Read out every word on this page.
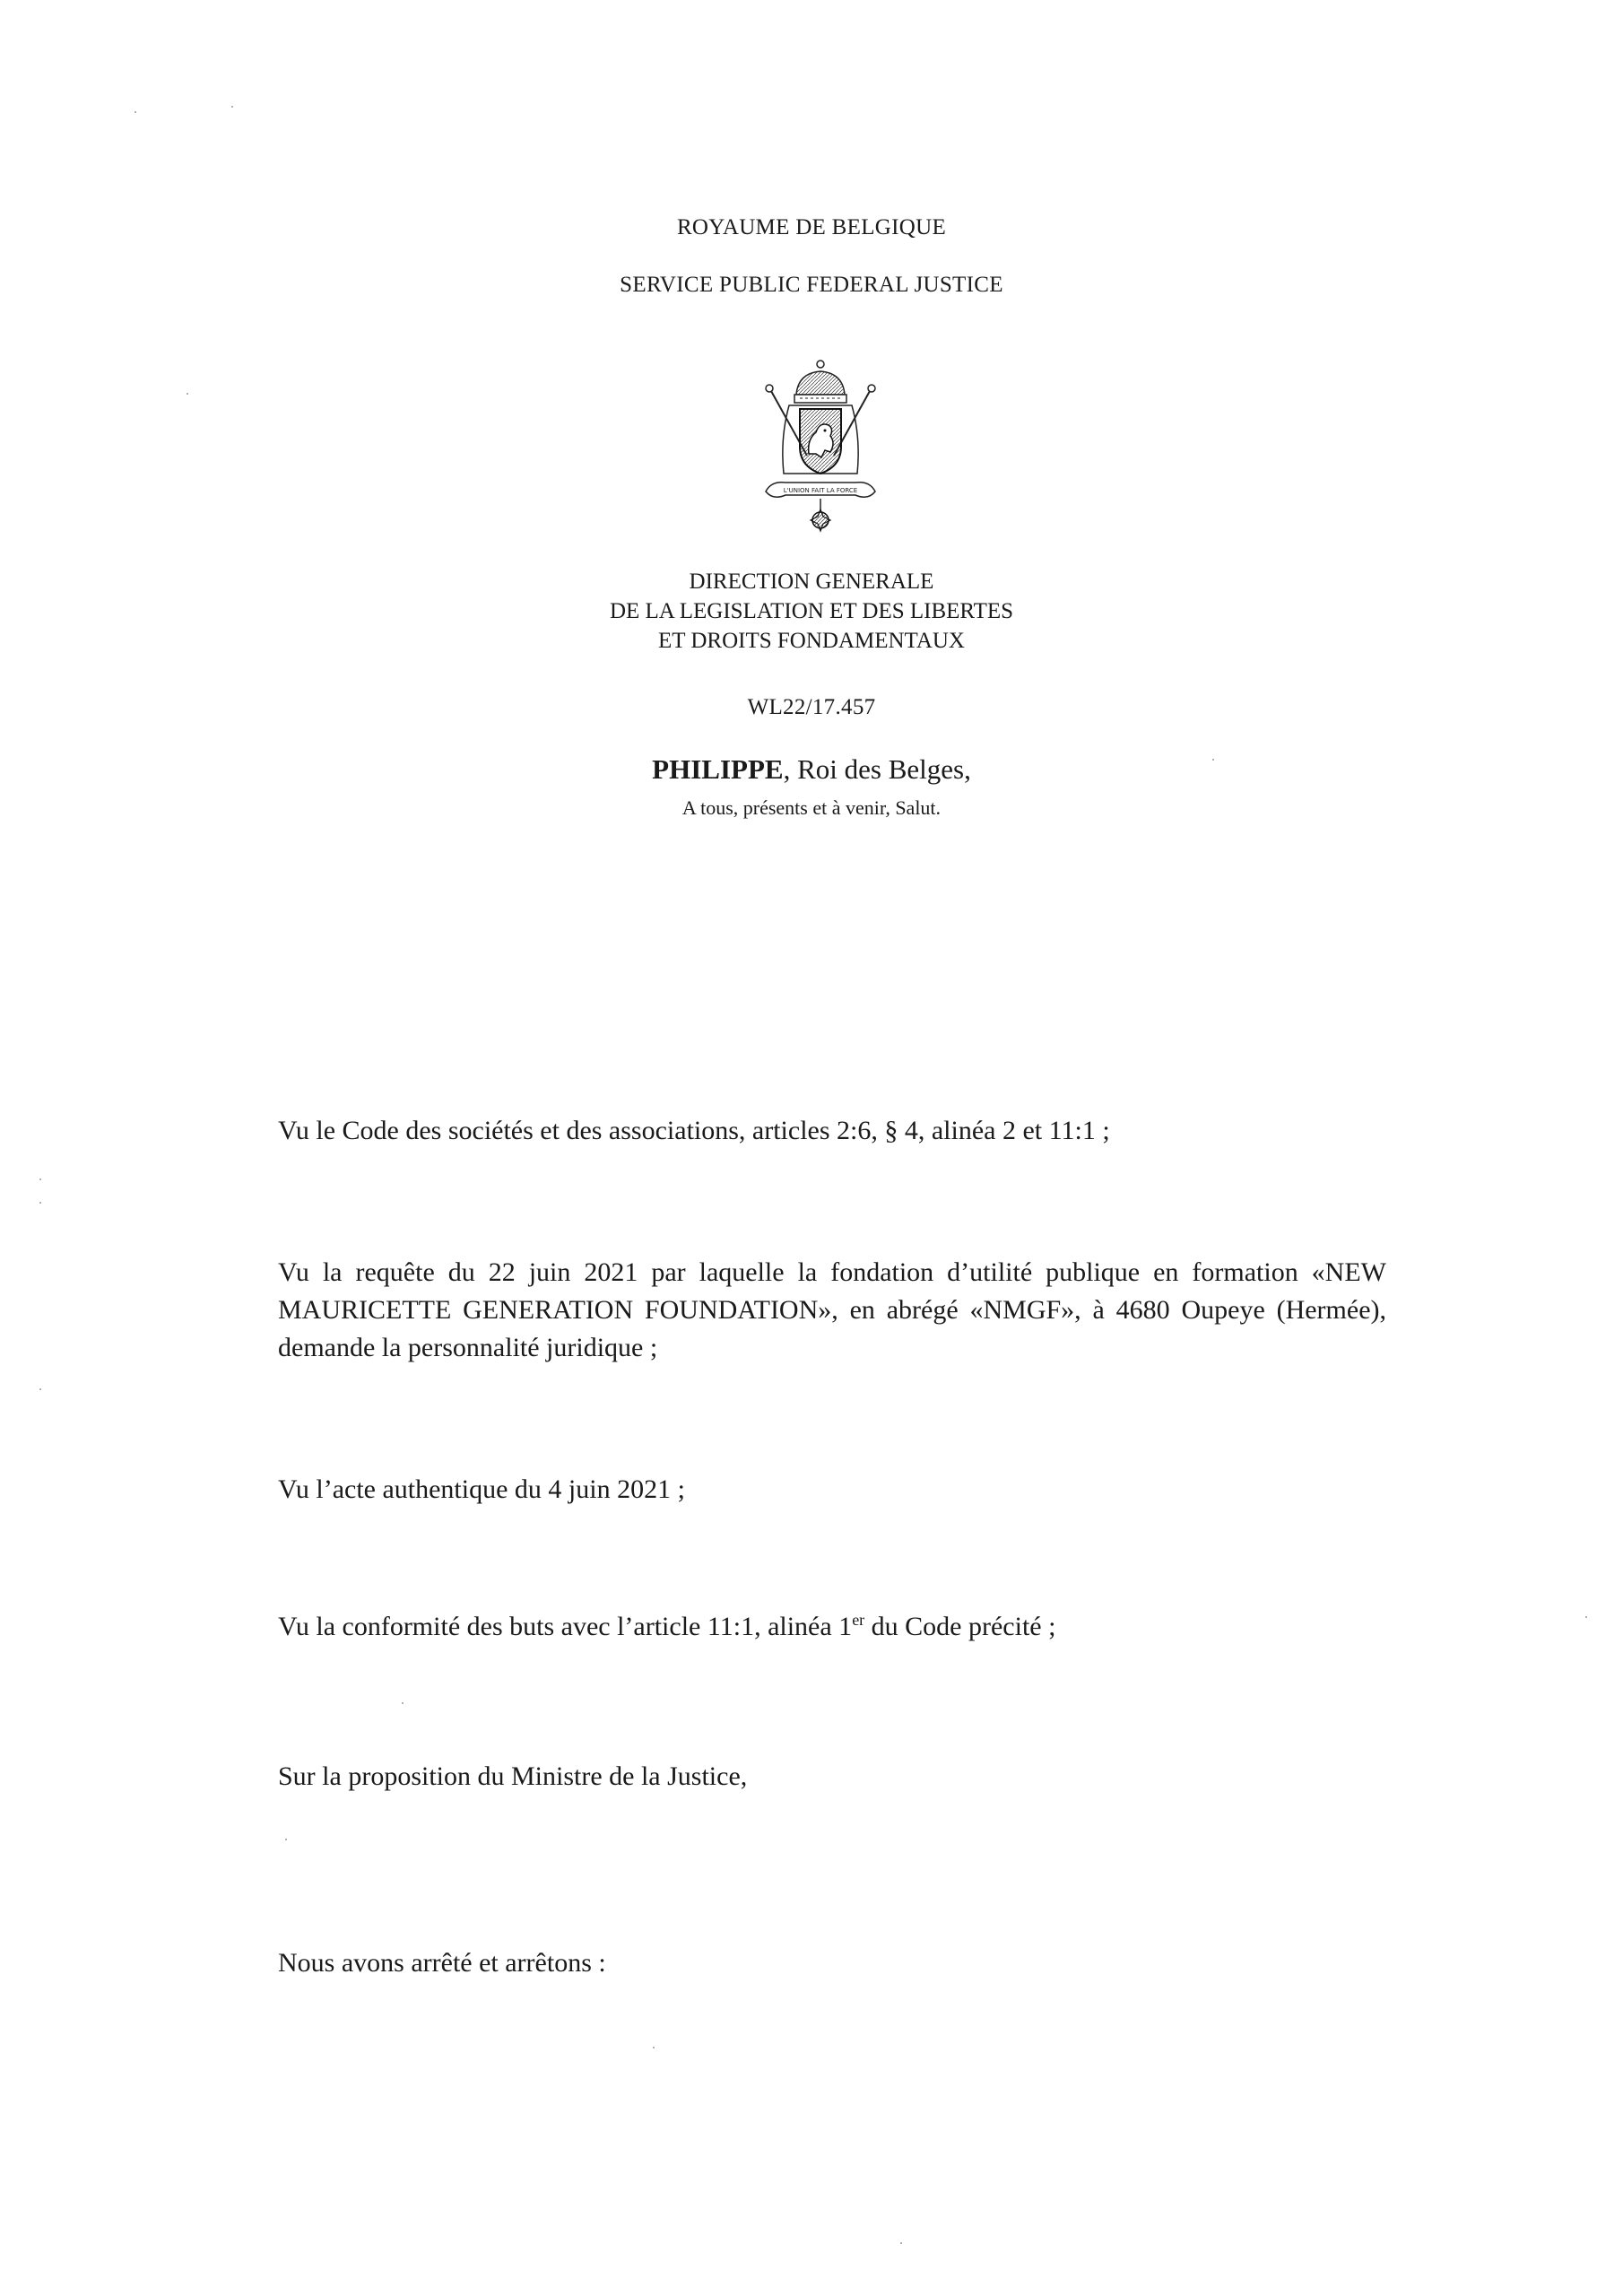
ROYAUME DE BELGIQUE
SERVICE PUBLIC FEDERAL JUSTICE
L'UNION FAIT LA FORCE
DIRECTION GENERALE
DE LA LEGISLATION ET DES LIBERTES
ET DROITS FONDAMENTAUX
WL22/17.457
PHILIPPE, Roi des Belges,
A tous, présents et à venir, Salut.
Vu le Code des sociétés et des associations, articles 2:6, § 4, alinéa 2 et 11:1 ;
Vu la requête du 22 juin 2021 par laquelle la fondation d’utilité publique en formation «NEW MAURICETTE GENERATION FOUNDATION», en abrégé «NMGF», à 4680 Oupeye (Hermée), demande la personnalité juridique ;
Vu l’acte authentique du 4 juin 2021 ;
Vu la conformité des buts avec l’article 11:1, alinéa 1er du Code précité ;
Sur la proposition du Ministre de la Justice,
Nous avons arrêté et arrêtons :
